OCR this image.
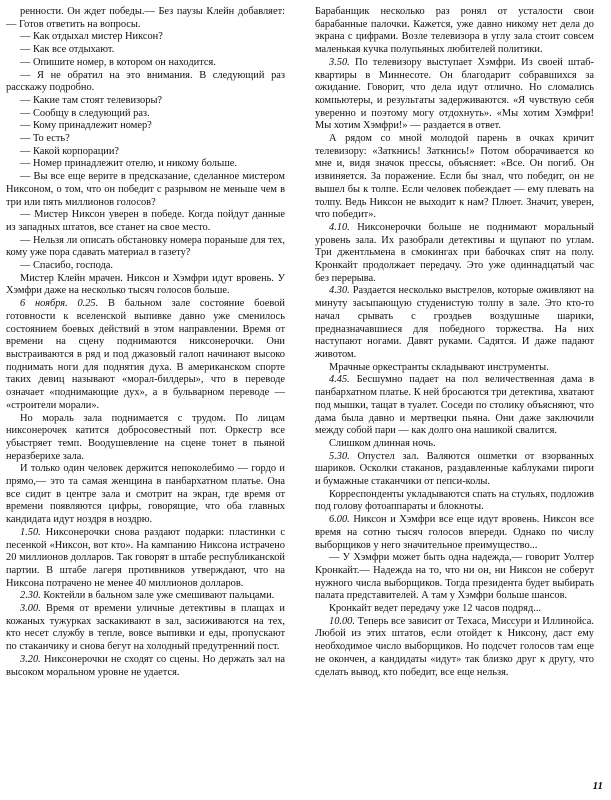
ренности. Он ждет победы.— Без паузы Клейн добавляет: — Готов ответить на вопросы.

— Как отдыхал мистер Никсон?

— Как все отдыхают.

— Опишите номер, в котором он находится.

— Я не обратил на это внимания. В следующий раз расскажу подробно.

— Какие там стоят телевизоры?

— Сообщу в следующий раз.

— Кому принадлежит номер?

— То есть?

— Какой корпорации?

— Номер принадлежит отелю, и никому больше.

— Вы все еще верите в предсказание, сделанное мистером Никсоном, о том, что он победит с разрывом не меньше чем в три или пять миллионов голосов?

— Мистер Никсон уверен в победе. Когда пойдут данные из западных штатов, все станет на свое место.

— Нельзя ли описать обстановку номера пораньше для тех, кому уже пора сдавать материал в газету?

— Спасибо, господа.

Мистер Клейн мрачен. Никсон и Хэмфри идут вровень. У Хэмфри даже на несколько тысяч голосов больше.

6 ноября. 0.25. В бальном зале состояние боевой готовности к вселенской выпивке давно уже сменилось состоянием боевых действий в этом направлении. Время от времени на сцену поднимаются никсонерочки. Они выстраиваются в ряд и под джазовый галоп начинают высоко поднимать ноги для поднятия духа. В американском спорте таких девиц называют «морал-билдеры», что в переводе означает «поднимающие дух», а в бульварном переводе — «строители морали».

Но мораль зала поднимается с трудом. По лицам никсонерочек катится добросовестный пот. Оркестр все убыстряет темп. Воодушевление на сцене тонет в пьяной неразберихе зала.

И только один человек держится непоколебимо — гордо и прямо,— это та самая женщина в панбархатном платье. Она все сидит в центре зала и смотрит на экран, где время от времени появляются цифры, говорящие, что оба главных кандидата идут ноздря в ноздрю.

1.50. Никсонерочки снова раздают подарки: пластинки с песенкой «Никсон, вот кто». На кампанию Никсона истрачено 20 миллионов долларов. Так говорят в штабе республиканской партии. В штабе лагеря противников утверждают, что на Никсона потрачено не менее 40 миллионов долларов.

2.30. Коктейли в бальном зале уже смешивают пальцами.

3.00. Время от времени уличные детективы в плащах и кожаных тужурках заскакивают в зал, засиживаются на тех, кто несет службу в тепле, вовсе выпивки и еды, пропускают по стаканчику и снова бегут на холодный предутренний пост.

3.20. Никсонерочки не сходят со сцены. Но держать зал на высоком моральном уровне не удается.

Барабанщик несколько раз ронял от усталости свои барабанные палочки. Кажется, уже давно никому нет дела до экрана с цифрами. Возле телевизора в углу зала стоит совсем маленькая кучка полупьяных любителей политики.

3.50. По телевизору выступает Хэмфри. Из своей штаб-квартиры в Миннесоте. Он благодарит собравшихся за ожидание. Говорит, что дела идут отлично. Но сломались компьютеры, и результаты задерживаются. «Я чувствую себя уверенно и поэтому могу отдохнуть». «Мы хотим Хэмфри! Мы хотим Хэмфри!» — раздается в ответ.

А рядом со мной молодой парень в очках кричит телевизору: «Заткнись! Заткнись!» Потом оборачивается ко мне и, видя значок прессы, объясняет: «Все. Он погиб. Он извиняется. За поражение. Если бы знал, что победит, он не вышел бы к толпе. Если человек побеждает — ему плевать на толпу. Ведь Никсон не выходит к нам? Плюет. Значит, уверен, что победит».

4.10. Никсонерочки больше не поднимают моральный уровень зала. Их разобрали детективы и щупают по углам. Три джентльмена в смокингах при бабочках спят на полу. Кронкайт продолжает передачу. Это уже одиннадцатый час без перерыва.

4.30. Раздается несколько выстрелов, которые оживляют на минуту засыпающую студенистую толпу в зале. Это кто-то начал срывать с гроздьев воздушные шарики, предназначавшиеся для победного торжества. На них наступают ногами. Давят руками. Садятся. И даже падают животом.

Мрачные оркестранты складывают инструменты.

4.45. Бесшумно падает на пол величественная дама в панбархатном платье. К ней бросаются три детектива, хватают под мышки, тащат в туалет. Соседи по столику объясняют, что дама была давно и мертвецки пьяна. Они даже заключили между собой пари — как долго она нашикой свалится.

Слишком длинная ночь.

5.30. Опустел зал. Валяются ошметки от взорванных шариков. Осколки стаканов, раздавленные каблуками пироги и бумажные стаканчики от пепси-колы.

Корреспонденты укладываются спать на стульях, подложив под голову фотоаппараты и блокноты.

6.00. Никсон и Хэмфри все еще идут вровень. Никсон все время на сотню тысяч голосов впереди. Однако по числу выборщиков у него значительное преимущество...

— У Хэмфри может быть одна надежда,— говорит Уолтер Кронкайт.— Надежда на то, что ни он, ни Никсон не соберут нужного числа выборщиков. Тогда президента будет выбирать палата представителей. А там у Хэмфри больше шансов.

Кронкайт ведет передачу уже 12 часов подряд...

10.00. Теперь все зависит от Техаса, Миссури и Иллинойса. Любой из этих штатов, если отойдет к Никсону, даст ему необходимое число выборщиков. Но подсчет голосов там еще не окончен, а кандидаты «идут» так близко друг к другу, что сделать вывод, кто победит, все еще нельзя.

11
